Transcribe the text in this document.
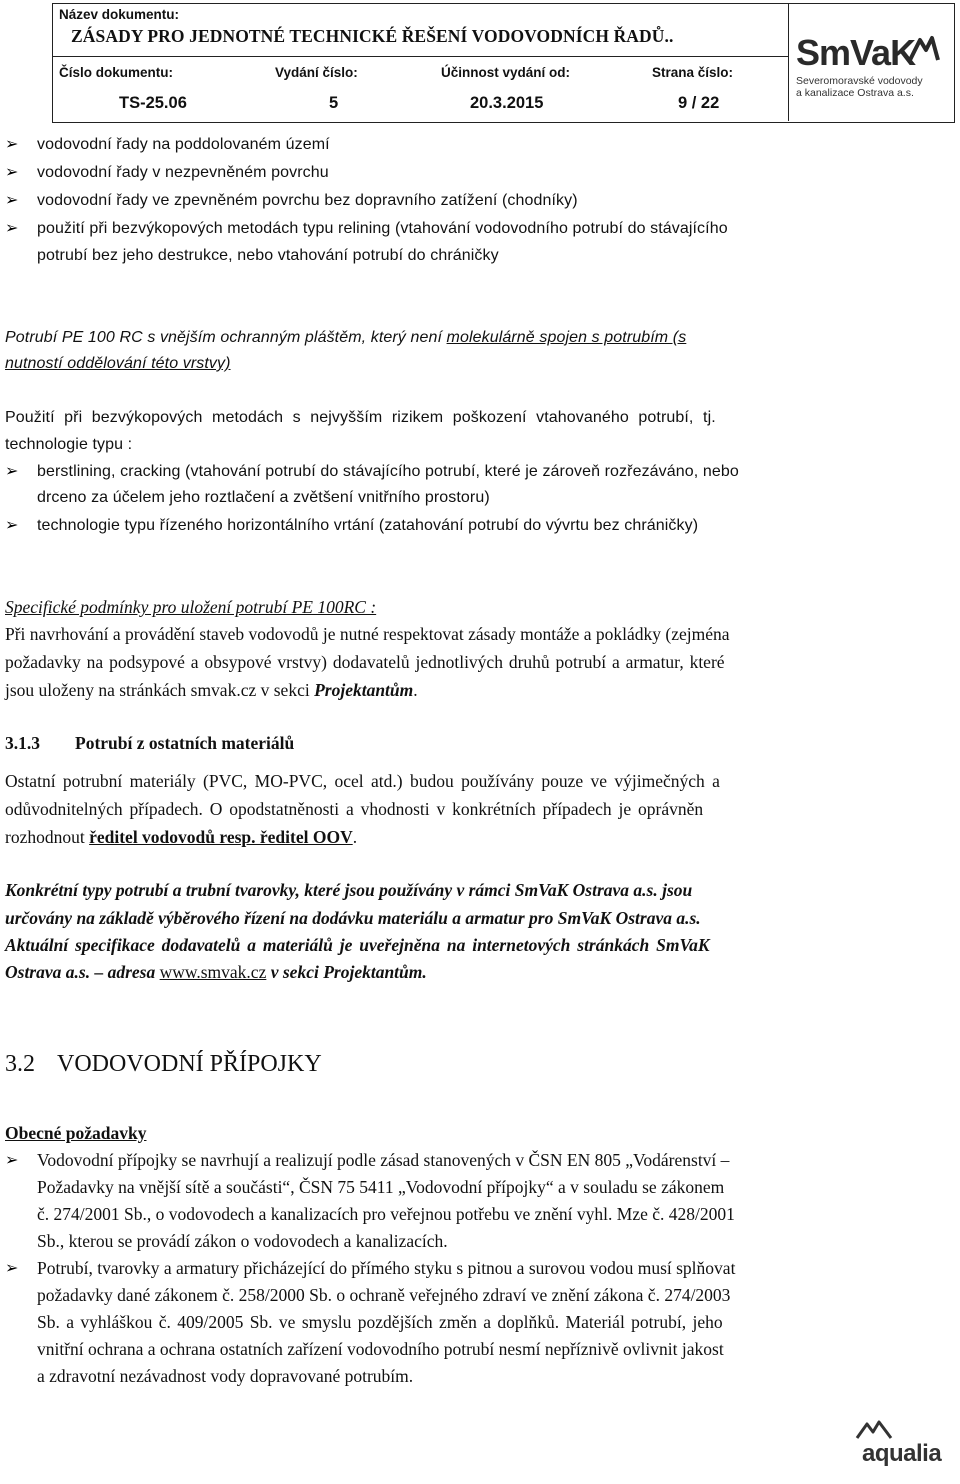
Název dokumentu:
ZÁSADY PRO JEDNOTNÉ TECHNICKÉ ŘEŠENÍ VODOVODNÍCH ŘADŮ..
Číslo dokumentu:
TS-25.06
Vydání číslo:
5
Účinnost vydání od:
20.3.2015
Strana číslo:
9 / 22
SmVaK
Severomoravské vodovody
a kanalizace Ostrava a.s.
➢ vodovodní řady na poddolovaném území
➢ vodovodní řady v nezpevněném povrchu
➢ vodovodní řady ve zpevněném povrchu bez dopravního zatížení (chodníky)
➢ použití při bezvýkopových metodách typu relining (vtahování vodovodního potrubí do stávajícího
potrubí bez jeho destrukce, nebo vtahování potrubí do chráničky
Potrubí PE 100 RC s vnějším ochranným pláštěm, který není molekulárně spojen s potrubím (s
nutností oddělování této vrstvy)
Použití při bezvýkopových metodách s nejvyšším rizikem poškození vtahovaného potrubí, tj.
technologie typu :
➢ berstlining, cracking (vtahování potrubí do stávajícího potrubí, které je zároveň rozřezáváno, nebo
drceno za účelem jeho roztlačení a zvětšení vnitřního prostoru)
➢ technologie typu řízeného horizontálního vrtání (zatahování potrubí do vývrtu bez chráničky)
Specifické podmínky pro uložení potrubí PE 100RC :
Při navrhování a provádění staveb vodovodů je nutné respektovat zásady montáže a pokládky (zejména
požadavky na podsypové a obsypové vrstvy) dodavatelů jednotlivých druhů potrubí a armatur, které
jsou uloženy na stránkách smvak.cz v sekci Projektantům.
3.1.3 Potrubí z ostatních materiálů
Ostatní potrubní materiály (PVC, MO-PVC, ocel atd.) budou používány pouze ve výjimečných a
odůvodnitelných případech. O opodstatněnosti a vhodnosti v konkrétních případech je oprávněn
rozhodnout ředitel vodovodů resp. ředitel OOV.
Konkrétní typy potrubí a trubní tvarovky, které jsou používány v rámci SmVaK Ostrava a.s. jsou
určovány na základě výběrového řízení na dodávku materiálu a armatur pro SmVaK Ostrava a.s.
Aktuální specifikace dodavatelů a materiálů je uveřejněna na internetových stránkách SmVaK
Ostrava a.s. – adresa www.smvak.cz v sekci Projektantům.
3.2 VODOVODNÍ PŘÍPOJKY
Obecné požadavky
➢ Vodovodní přípojky se navrhují a realizují podle zásad stanovených v ČSN EN 805 „Vodárenství –
Požadavky na vnější sítě a součásti“, ČSN 75 5411 „Vodovodní přípojky“ a v souladu se zákonem
č. 274/2001 Sb., o vodovodech a kanalizacích pro veřejnou potřebu ve znění vyhl. Mze č. 428/2001
Sb., kterou se provádí zákon o vodovodech a kanalizacích.
➢ Potrubí, tvarovky a armatury přicházející do přímého styku s pitnou a surovou vodou musí splňovat
požadavky dané zákonem č. 258/2000 Sb. o ochraně veřejného zdraví ve znění zákona č. 274/2003
Sb. a vyhláškou č. 409/2005 Sb. ve smyslu pozdějších změn a doplňků. Materiál potrubí, jeho
vnitřní ochrana a ochrana ostatních zařízení vodovodního potrubí nesmí nepříznivě ovlivnit jakost
a zdravotní nezávadnost vody dopravované potrubím.
aqualia
